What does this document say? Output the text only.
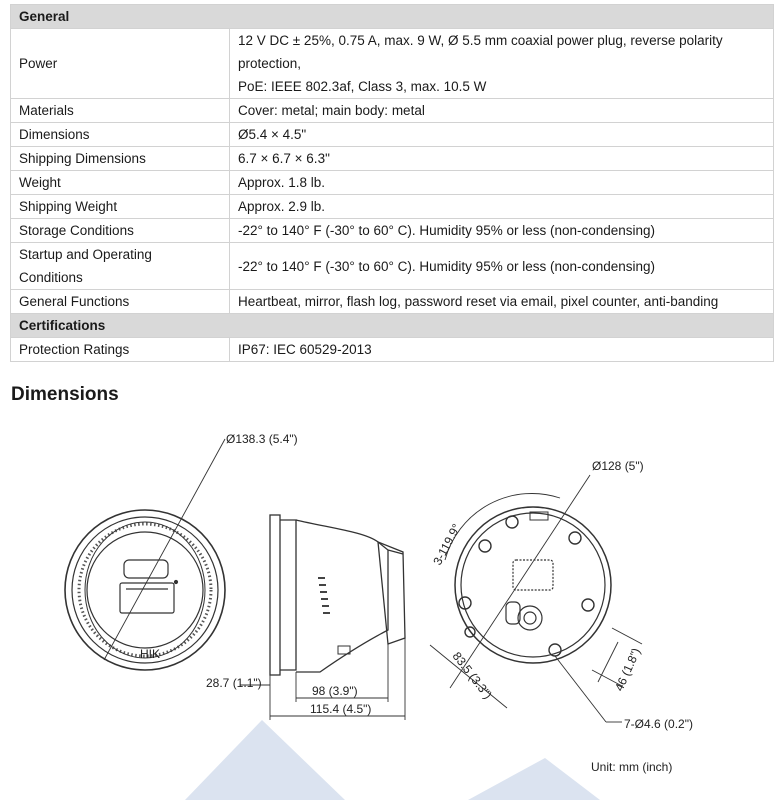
General	
Power	12 V DC ± 25%, 0.75 A, max. 9 W, Ø 5.5 mm coaxial power plug, reverse polarity
protection,
PoE: IEEE 802.3af, Class 3, max. 10.5 W

Materials	Cover: metal; main body: metal
Dimensions	Ø5.4 × 4.5"
Shipping Dimensions	6.7 × 6.7 × 6.3"
Weight	Approx. 1.8 lb.
Shipping Weight	Approx. 2.9 lb.
Storage Conditions	-22° to 140° F (-30° to 60° C). Humidity 95% or less (non-condensing)

Startup and Operating
Conditions	-22° to 140° F (-30° to 60° C). Humidity 95% or less (non-condensing)
General Functions	Heartbeat, mirror, flash log, password reset via email, pixel counter, anti-banding
Certifications	
Protection Ratings	IP67: IEC 60529-2013
Dimensions
HIK
Ø138.3 (5.4")
28.7 (1.1")
98 (3.9")
115.4 (4.5")
Ø128 (5")
3-119.9°
83.5 (3.3")	46 (1.8")
7-Ø4.6 (0.2")
Unit: mm (inch)
